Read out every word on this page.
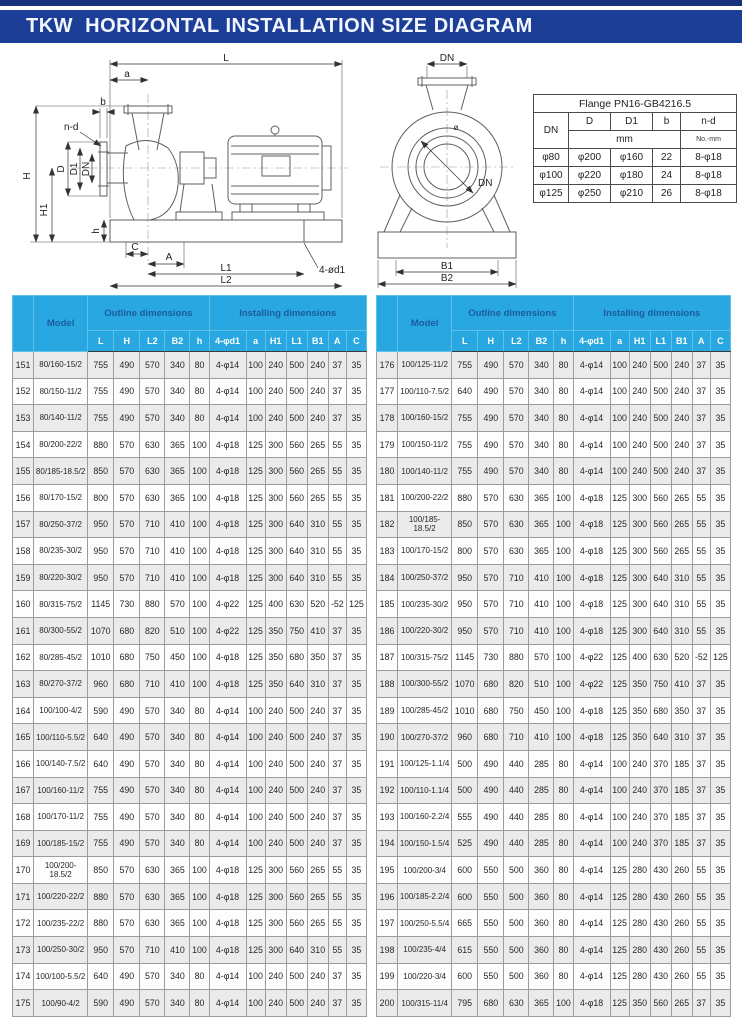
TKW  HORIZONTAL INSTALLATION SIZE DIAGRAM
L
a
b
n-d
H
H1
D D1 DN
h
C
A
L1
L2
4-ød1
DN
ø
DN
B1
B2
Flange PN16-GB4216.5				
DN	D	D1	b	n-d
	mm			No.-mm
φ80	φ200	φ160	22	8-φ18
φ100	φ220	φ180	24	8-φ18
φ125	φ250	φ210	26	8-φ18
	Model	Outline dimensions					Installing dimensions						
		L	H	L2	B2	h	4-φd1	a	H1	L1	B1	A	C
151	80/160-15/2	755	490	570	340	80	4-φ14	100	240	500	240	37	35
152	80/150-11/2	755	490	570	340	80	4-φ14	100	240	500	240	37	35
153	80/140-11/2	755	490	570	340	80	4-φ14	100	240	500	240	37	35
154	80/200-22/2	880	570	630	365	100	4-φ18	125	300	560	265	55	35
155	80/185-18.5/2	850	570	630	365	100	4-φ18	125	300	560	265	55	35
156	80/170-15/2	800	570	630	365	100	4-φ18	125	300	560	265	55	35
157	80/250-37/2	950	570	710	410	100	4-φ18	125	300	640	310	55	35
158	80/235-30/2	950	570	710	410	100	4-φ18	125	300	640	310	55	35
159	80/220-30/2	950	570	710	410	100	4-φ18	125	300	640	310	55	35
160	80/315-75/2	1145	730	880	570	100	4-φ22	125	400	630	520	-52	125
161	80/300-55/2	1070	680	820	510	100	4-φ22	125	350	750	410	37	35
162	80/285-45/2	1010	680	750	450	100	4-φ18	125	350	680	350	37	35
163	80/270-37/2	960	680	710	410	100	4-φ18	125	350	640	310	37	35
164	100/100-4/2	590	490	570	340	80	4-φ14	100	240	500	240	37	35
165	100/110-5.5/2	640	490	570	340	80	4-φ14	100	240	500	240	37	35
166	100/140-7.5/2	640	490	570	340	80	4-φ14	100	240	500	240	37	35
167	100/160-11/2	755	490	570	340	80	4-φ14	100	240	500	240	37	35
168	100/170-11/2	755	490	570	340	80	4-φ14	100	240	500	240	37	35
169	100/185-15/2	755	490	570	340	80	4-φ14	100	240	500	240	37	35
170	100/200-18.5/2	850	570	630	365	100	4-φ18	125	300	560	265	55	35
171	100/220-22/2	880	570	630	365	100	4-φ18	125	300	560	265	55	35
172	100/235-22/2	880	570	630	365	100	4-φ18	125	300	560	265	55	35
173	100/250-30/2	950	570	710	410	100	4-φ18	125	300	640	310	55	35
174	100/100-5.5/2	640	490	570	340	80	4-φ14	100	240	500	240	37	35
175	100/90-4/2	590	490	570	340	80	4-φ14	100	240	500	240	37	35
	Model	Outline dimensions					Installing dimensions						
		L	H	L2	B2	h	4-φd1	a	H1	L1	B1	A	C
176	100/125-11/2	755	490	570	340	80	4-φ14	100	240	500	240	37	35
177	100/110-7.5/2	640	490	570	340	80	4-φ14	100	240	500	240	37	35
178	100/160-15/2	755	490	570	340	80	4-φ14	100	240	500	240	37	35
179	100/150-11/2	755	490	570	340	80	4-φ14	100	240	500	240	37	35
180	100/140-11/2	755	490	570	340	80	4-φ14	100	240	500	240	37	35
181	100/200-22/2	880	570	630	365	100	4-φ18	125	300	560	265	55	35
182	100/185-18.5/2	850	570	630	365	100	4-φ18	125	300	560	265	55	35
183	100/170-15/2	800	570	630	365	100	4-φ18	125	300	560	265	55	35
184	100/250-37/2	950	570	710	410	100	4-φ18	125	300	640	310	55	35
185	100/235-30/2	950	570	710	410	100	4-φ18	125	300	640	310	55	35
186	100/220-30/2	950	570	710	410	100	4-φ18	125	300	640	310	55	35
187	100/315-75/2	1145	730	880	570	100	4-φ22	125	400	630	520	-52	125
188	100/300-55/2	1070	680	820	510	100	4-φ22	125	350	750	410	37	35
189	100/285-45/2	1010	680	750	450	100	4-φ18	125	350	680	350	37	35
190	100/270-37/2	960	680	710	410	100	4-φ18	125	350	640	310	37	35
191	100/125-1.1/4	500	490	440	285	80	4-φ14	100	240	370	185	37	35
192	100/110-1.1/4	500	490	440	285	80	4-φ14	100	240	370	185	37	35
193	100/160-2.2/4	555	490	440	285	80	4-φ14	100	240	370	185	37	35
194	100/150-1.5/4	525	490	440	285	80	4-φ14	100	240	370	185	37	35
195	100/200-3/4	600	550	500	360	80	4-φ14	125	280	430	260	55	35
196	100/185-2.2/4	600	550	500	360	80	4-φ14	125	280	430	260	55	35
197	100/250-5.5/4	665	550	500	360	80	4-φ14	125	280	430	260	55	35
198	100/235-4/4	615	550	500	360	80	4-φ14	125	280	430	260	55	35
199	100/220-3/4	600	550	500	360	80	4-φ14	125	280	430	260	55	35
200	100/315-11/4	795	680	630	365	100	4-φ18	125	350	560	265	37	35
